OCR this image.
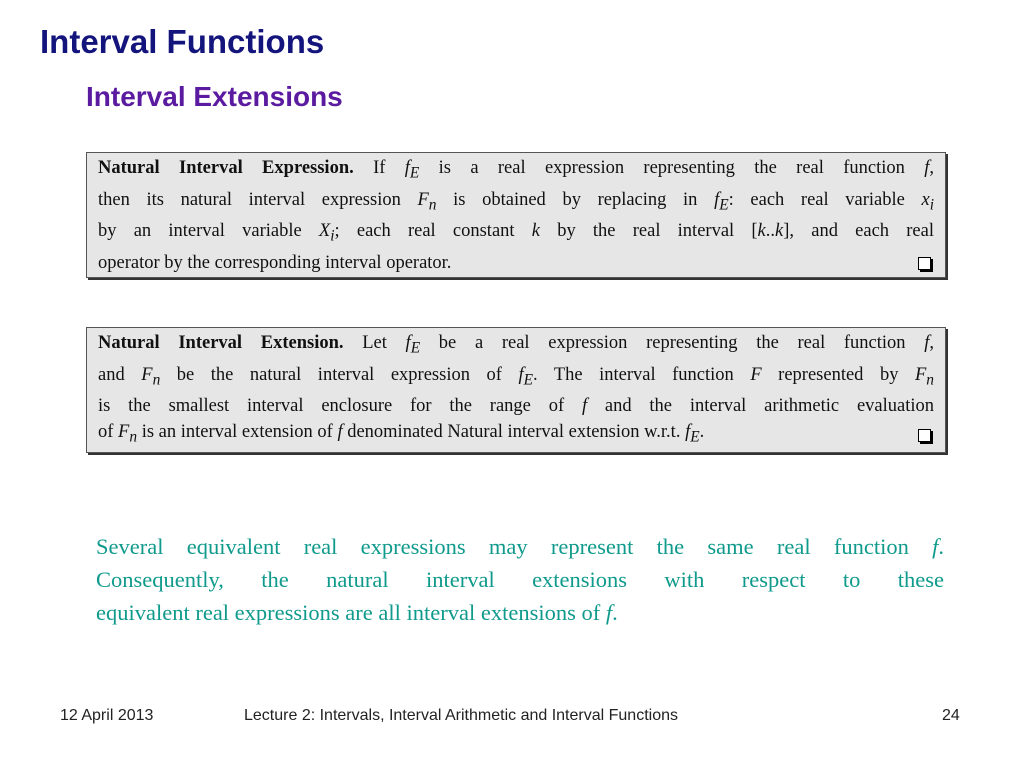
Interval Functions
Interval Extensions
Natural Interval Expression. If $f_E$ is a real expression representing the real function f,
then its natural interval expression $F_n$ is obtained by replacing in $f_E$: each real variable $x_i$
by an interval variable $X_i$; each real constant k by the real interval [k..k], and each real
operator by the corresponding interval operator.
Natural Interval Extension. Let $f_E$ be a real expression representing the real function f,
and $F_n$ be the natural interval expression of $f_E$. The interval function F represented by $F_n$
is the smallest interval enclosure for the range of f and the interval arithmetic evaluation
of $F_n$ is an interval extension of f denominated Natural interval extension w.r.t. $f_E$.

Several equivalent real expressions may represent the same real function f.
Consequently, the natural interval extensions with respect to these
equivalent real expressions are all interval extensions of f.

12 April 2013	Lecture 2: Intervals, Interval Arithmetic and Interval Functions	24
